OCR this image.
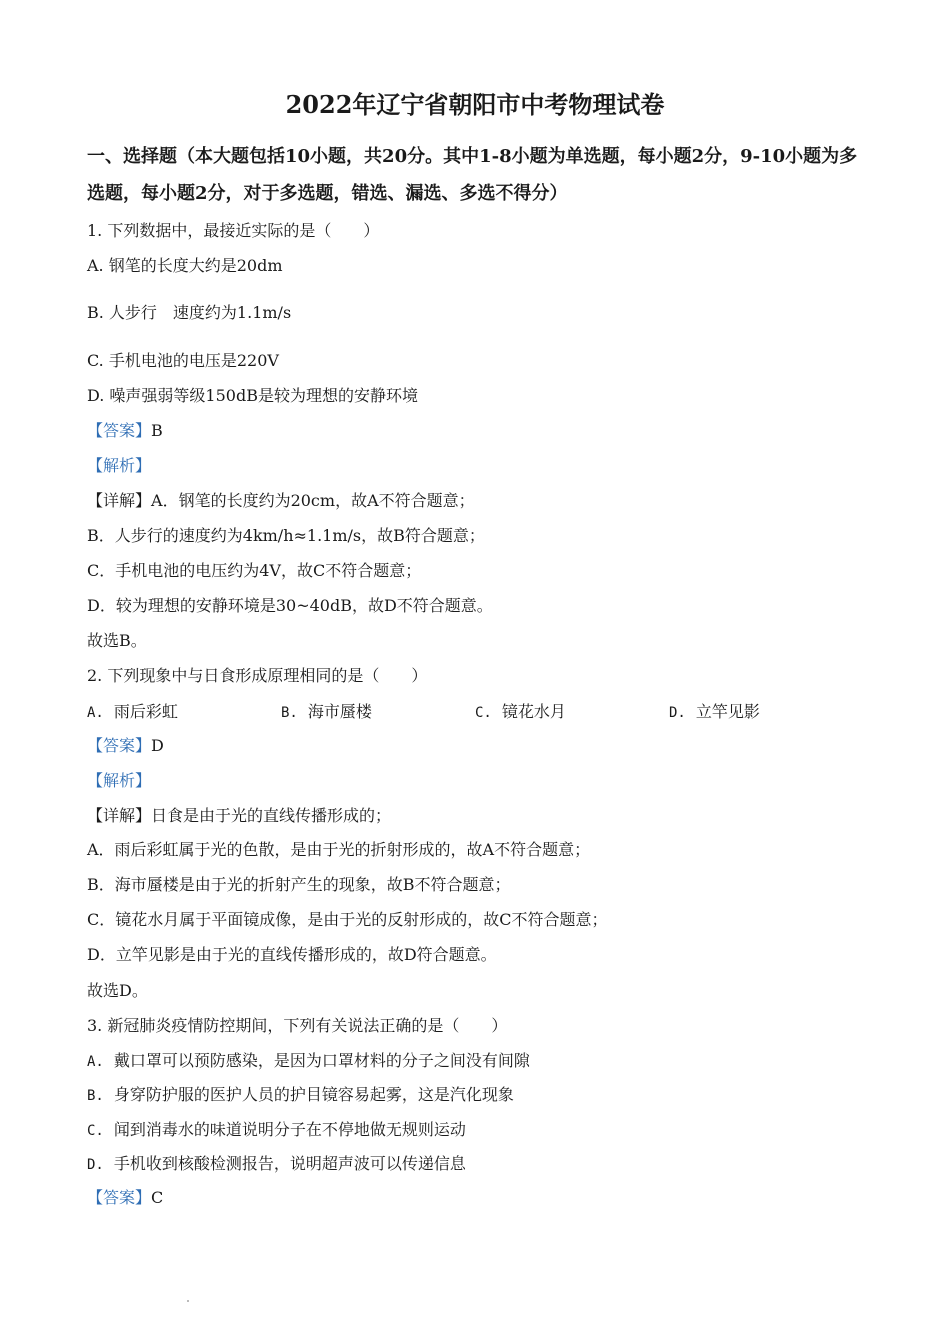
2022年辽宁省朝阳市中考物理试卷
一、选择题（本大题包括10小题，共20分。其中1-8小题为单选题，每小题2分，9-10小题为多选题，每小题2分，对于多选题，错选、漏选、多选不得分）
1. 下列数据中，最接近实际的是（　　）
A. 钢笔的长度大约是20dm
B. 人步行　速度约为1.1m/s
C. 手机电池的电压是220V
D. 噪声强弱等级150dB是较为理想的安静环境
【答案】B
【解析】
【详解】A．钢笔的长度约为20cm，故A不符合题意；
B．人步行的速度约为4km/h≈1.1m/s，故B符合题意；
C．手机电池的电压约为4V，故C不符合题意；
D．较为理想的安静环境是30~40dB，故D不符合题意。
故选B。
2. 下列现象中与日食形成原理相同的是（　　）
A. 雨后彩虹	B. 海市蜃楼	C. 镜花水月	D. 立竿见影
【答案】D
【解析】
【详解】日食是由于光的直线传播形成的；
A．雨后彩虹属于光的色散，是由于光的折射形成的，故A不符合题意；
B．海市蜃楼是由于光的折射产生的现象，故B不符合题意；
C．镜花水月属于平面镜成像，是由于光的反射形成的，故C不符合题意；
D．立竿见影是由于光的直线传播形成的，故D符合题意。
故选D。
3. 新冠肺炎疫情防控期间，下列有关说法正确的是（　　）
A. 戴口罩可以预防感染，是因为口罩材料的分子之间没有间隙
B. 身穿防护服的医护人员的护目镜容易起雾，这是汽化现象
C. 闻到消毒水的味道说明分子在不停地做无规则运动
D. 手机收到核酸检测报告，说明超声波可以传递信息
【答案】C
